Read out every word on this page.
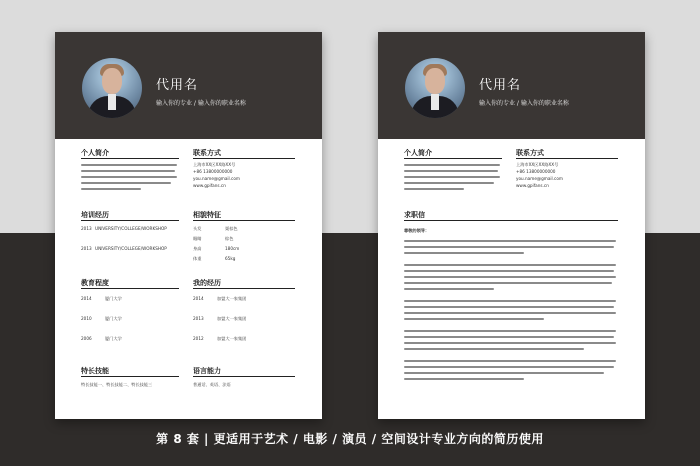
代用名
输入你的专业 / 输入你的职业名称
个人简介	联系方式
上海市XX区XX路XX号
+86 13800000000
you.name@gmail.com
www.gpifans.cn
培训经历	相貌特征
2013 UNIVERSITY/COLLEGE/WORKSHOP
2013 UNIVERSITY/COLLEGE/WORKSHOP
头发	栗棕色
眼睛	棕色
身高	180cm
体重	65kg
教育程度	我的经历
2014	厦门大学
2010	厦门大学
2006	厦门大学
2014	加盟大一家集团
2013	加盟大一家集团
2012	加盟大一家集团
特长技能	语言能力
特长技能一、特长技能二、特长技能三	普通话、英语、法语
代用名
输入你的专业 / 输入你的职业名称
个人简介	联系方式
上海市XX区XX路XX号
+86 13800000000
you.name@gmail.com
www.gpifans.cn
求职信
尊敬的领导：
第 8 套 | 更适用于艺术 / 电影 / 演员 / 空间设计专业方向的简历使用
